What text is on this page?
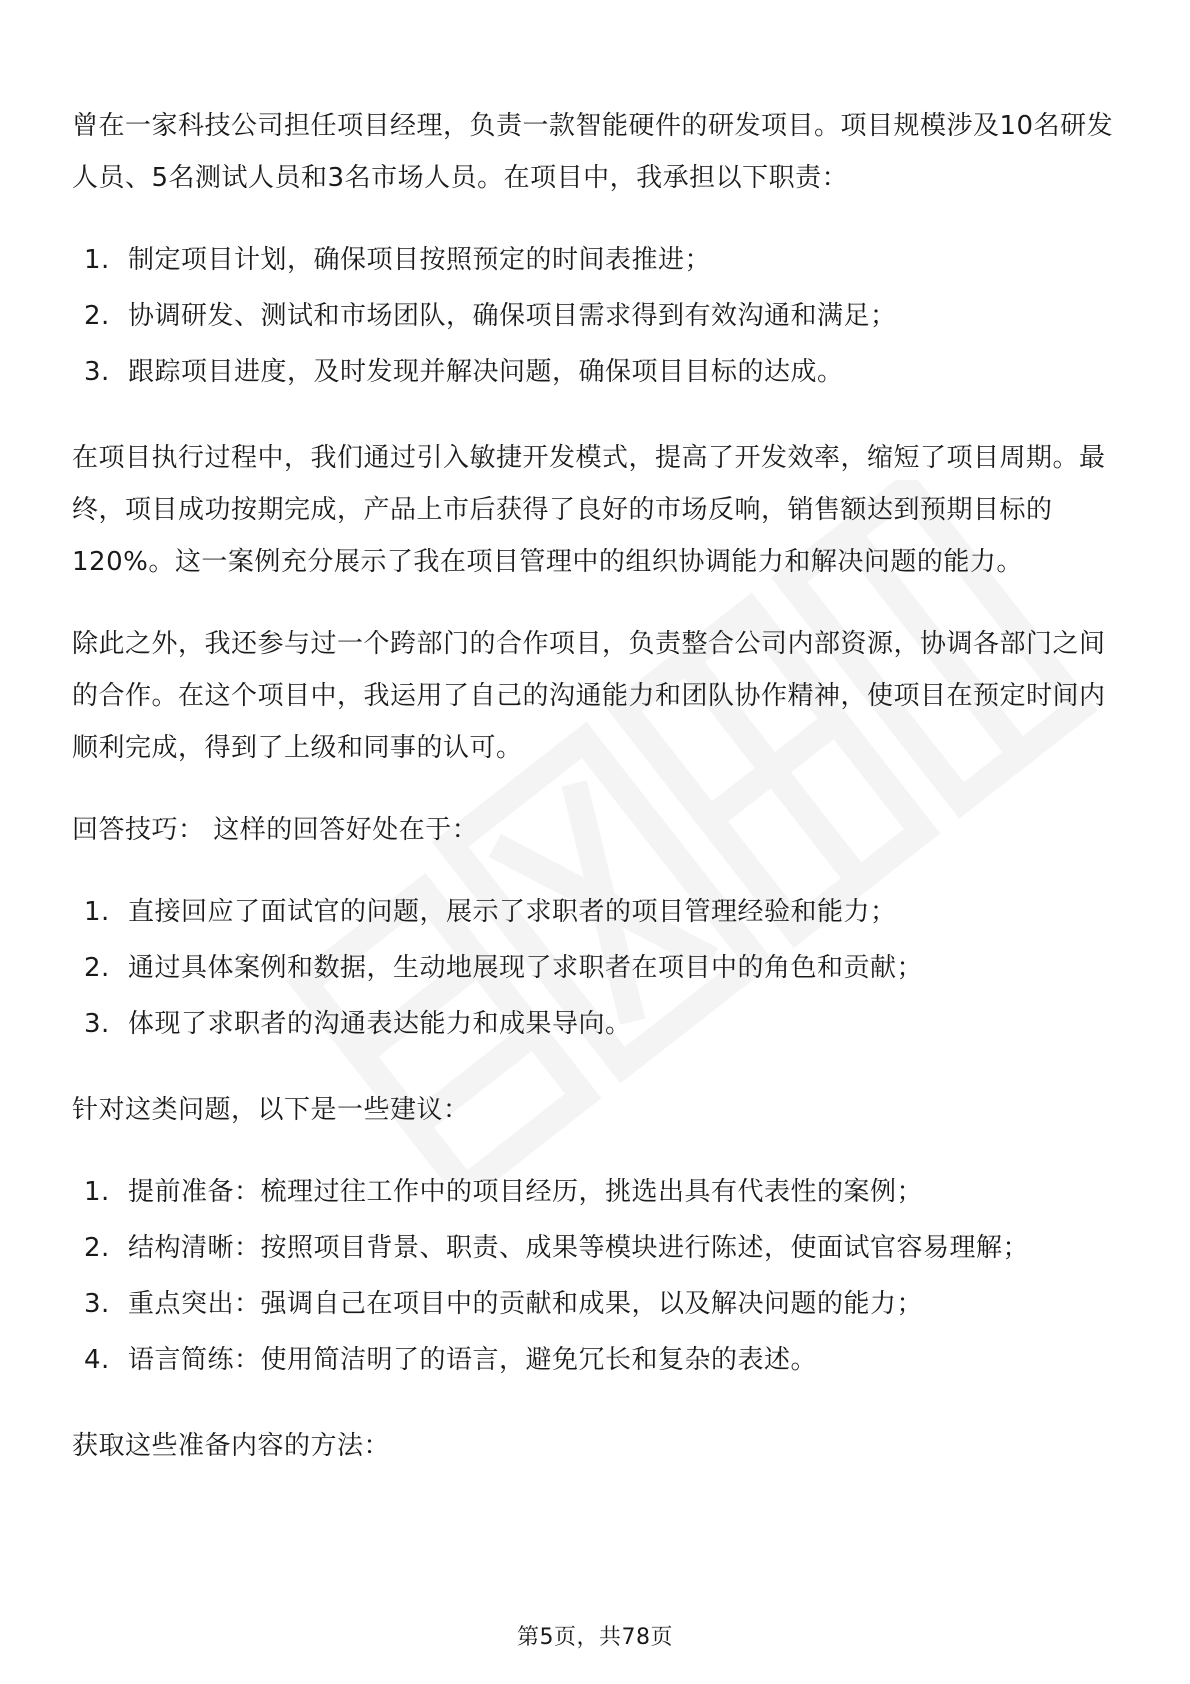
曾在一家科技公司担任项目经理，负责一款智能硬件的研发项目。项目规模涉及10名研发人员、5名测试人员和3名市场人员。在项目中，我承担以下职责：

1. 制定项目计划，确保项目按照预定的时间表推进；
2. 协调研发、测试和市场团队，确保项目需求得到有效沟通和满足；
3. 跟踪项目进度，及时发现并解决问题，确保项目目标的达成。

在项目执行过程中，我们通过引入敏捷开发模式，提高了开发效率，缩短了项目周期。最终，项目成功按期完成，产品上市后获得了良好的市场反响，销售额达到预期目标的120%。这一案例充分展示了我在项目管理中的组织协调能力和解决问题的能力。

除此之外，我还参与过一个跨部门的合作项目，负责整合公司内部资源，协调各部门之间的合作。在这个项目中，我运用了自己的沟通能力和团队协作精神，使项目在预定时间内顺利完成，得到了上级和同事的认可。

回答技巧： 这样的回答好处在于：

1. 直接回应了面试官的问题，展示了求职者的项目管理经验和能力；
2. 通过具体案例和数据，生动地展现了求职者在项目中的角色和贡献；
3. 体现了求职者的沟通表达能力和成果导向。

针对这类问题，以下是一些建议：

1. 提前准备：梳理过往工作中的项目经历，挑选出具有代表性的案例；
2. 结构清晰：按照项目背景、职责、成果等模块进行陈述，使面试官容易理解；
3. 重点突出：强调自己在项目中的贡献和成果，以及解决问题的能力；
4. 语言简练：使用简洁明了的语言，避免冗长和复杂的表述。

获取这些准备内容的方法：

第5页，共78页
